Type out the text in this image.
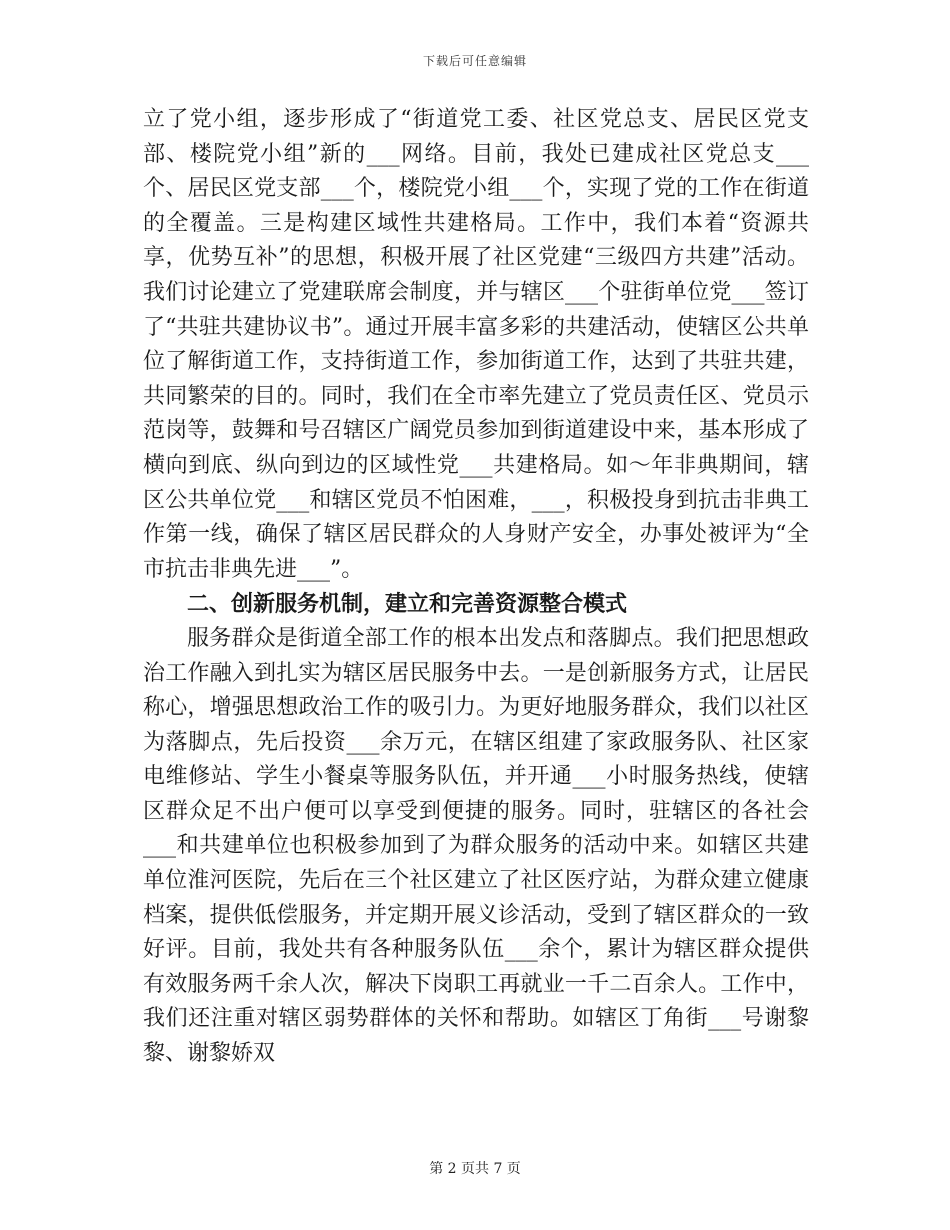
下载后可任意编辑

立了党小组，逐步形成了“街道党工委、社区党总支、居民区党支部、楼院党小组”新的___网络。目前，我处已建成社区党总支___个、居民区党支部___个，楼院党小组___个，实现了党的工作在街道的全覆盖。三是构建区域性共建格局。工作中，我们本着“资源共享，优势互补”的思想，积极开展了社区党建“三级四方共建”活动。我们讨论建立了党建联席会制度，并与辖区___个驻街单位党___签订了“共驻共建协议书”。通过开展丰富多彩的共建活动，使辖区公共单位了解街道工作，支持街道工作，参加街道工作，达到了共驻共建，共同繁荣的目的。同时，我们在全市率先建立了党员责任区、党员示范岗等，鼓舞和号召辖区广阔党员参加到街道建设中来，基本形成了横向到底、纵向到边的区域性党___共建格局。如～年非典期间，辖区公共单位党___和辖区党员不怕困难，___，积极投身到抗击非典工作第一线，确保了辖区居民群众的人身财产安全，办事处被评为“全市抗击非典先进___”。

二、创新服务机制，建立和完善资源整合模式

服务群众是街道全部工作的根本出发点和落脚点。我们把思想政治工作融入到扎实为辖区居民服务中去。一是创新服务方式，让居民称心，增强思想政治工作的吸引力。为更好地服务群众，我们以社区为落脚点，先后投资___余万元，在辖区组建了家政服务队、社区家电维修站、学生小餐桌等服务队伍，并开通___小时服务热线，使辖区群众足不出户便可以享受到便捷的服务。同时，驻辖区的各社会___和共建单位也积极参加到了为群众服务的活动中来。如辖区共建单位淮河医院，先后在三个社区建立了社区医疗站，为群众建立健康档案，提供低偿服务，并定期开展义诊活动，受到了辖区群众的一致好评。目前，我处共有各种服务队伍___余个，累计为辖区群众提供有效服务两千余人次，解决下岗职工再就业一千二百余人。工作中，我们还注重对辖区弱势群体的关怀和帮助。如辖区丁角街___号谢黎黎、谢黎娇双

第 2 页共 7 页
